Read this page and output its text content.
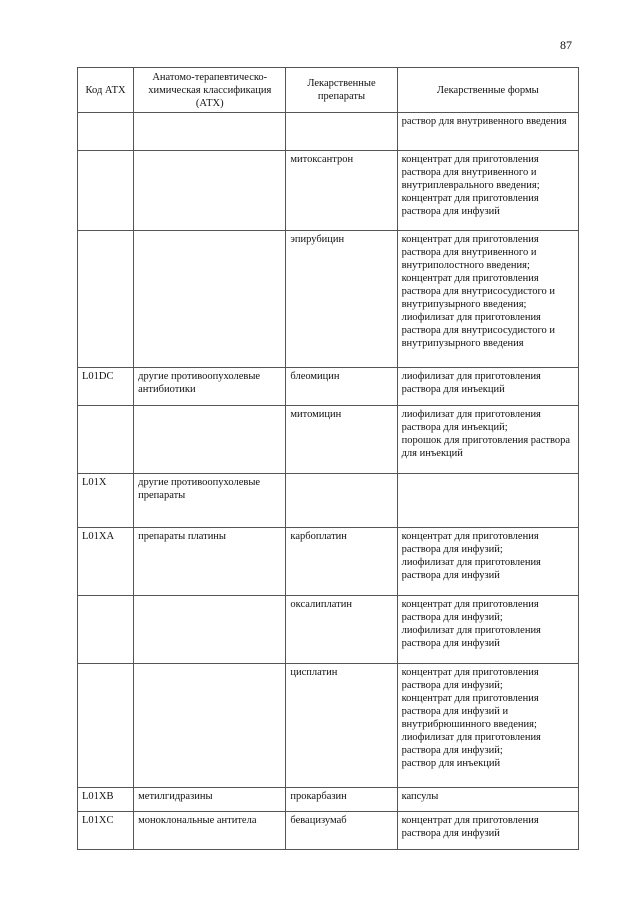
87
Код АТХ	Анатомо-терапевтическо-химическая классификация (АТХ)	Лекарственные препараты	Лекарственные формы

			раствор для внутривенного введения

		митоксантрон	концентрат для приготовления раствора для внутривенного и внутриплеврального введения;
концентрат для приготовления раствора для инфузий

		эпирубицин	концентрат для приготовления раствора для внутривенного и внутриполостного введения;
концентрат для приготовления раствора для внутрисосудистого и внутрипузырного введения;
лиофилизат для приготовления раствора для внутрисосудистого и внутрипузырного введения

L01DC	другие противоопухолевые антибиотики	блеомицин	лиофилизат для приготовления раствора для инъекций

		митомицин	лиофилизат для приготовления раствора для инъекций;
порошок для приготовления раствора для инъекций

L01X	другие противоопухолевые препараты		
L01XA	препараты платины	карбоплатин	концентрат для приготовления раствора для инфузий;
лиофилизат для приготовления раствора для инфузий

		оксалиплатин	концентрат для приготовления раствора для инфузий;
лиофилизат для приготовления раствора для инфузий

		цисплатин	концентрат для приготовления раствора для инфузий;
концентрат для приготовления раствора для инфузий и внутрибрюшинного введения;
лиофилизат для приготовления раствора для инфузий;
раствор для инъекций

L01XB	метилгидразины	прокарбазин	капсулы

L01XC	моноклональные антитела	бевацизумаб	концентрат для приготовления раствора для инфузий
